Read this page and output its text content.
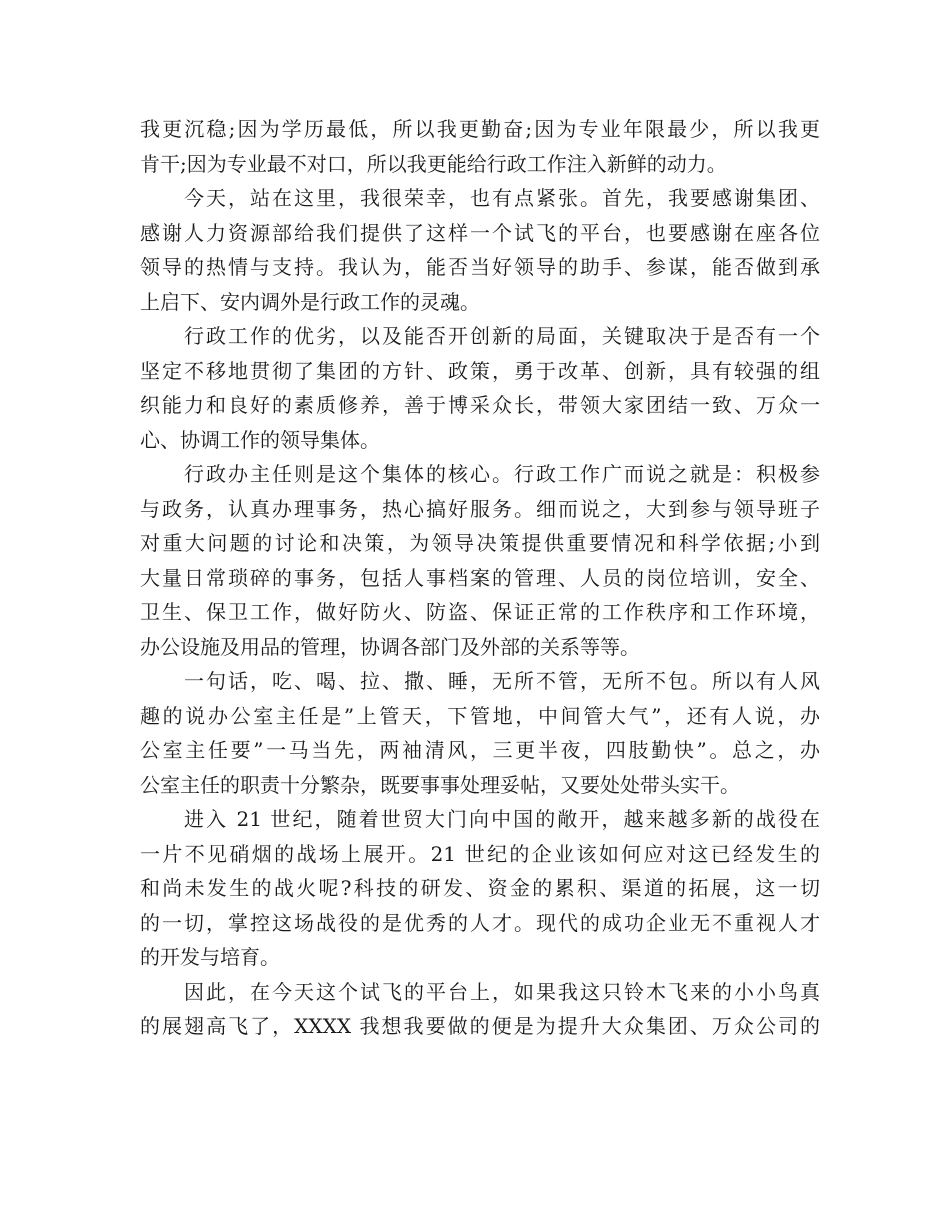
我更沉稳;因为学历最低，所以我更勤奋;因为专业年限最少，所以我更
肯干;因为专业最不对口，所以我更能给行政工作注入新鲜的动力。
今天，站在这里，我很荣幸，也有点紧张。首先，我要感谢集团、
感谢人力资源部给我们提供了这样一个试飞的平台，也要感谢在座各位
领导的热情与支持。我认为，能否当好领导的助手、参谋，能否做到承
上启下、安内调外是行政工作的灵魂。
行政工作的优劣，以及能否开创新的局面，关键取决于是否有一个
坚定不移地贯彻了集团的方针、政策，勇于改革、创新，具有较强的组
织能力和良好的素质修养，善于博采众长，带领大家团结一致、万众一
心、协调工作的领导集体。
行政办主任则是这个集体的核心。行政工作广而说之就是：积极参
与政务，认真办理事务，热心搞好服务。细而说之，大到参与领导班子
对重大问题的讨论和决策，为领导决策提供重要情况和科学依据;小到
大量日常琐碎的事务，包括人事档案的管理、人员的岗位培训，安全、
卫生、保卫工作，做好防火、防盗、保证正常的工作秩序和工作环境，
办公设施及用品的管理，协调各部门及外部的关系等等。
一句话，吃、喝、拉、撒、睡，无所不管，无所不包。所以有人风
趣的说办公室主任是”上管天，下管地，中间管大气”，还有人说，办
公室主任要”一马当先，两袖清风，三更半夜，四肢勤快”。总之，办
公室主任的职责十分繁杂，既要事事处理妥帖，又要处处带头实干。
进入 21 世纪，随着世贸大门向中国的敞开，越来越多新的战役在
一片不见硝烟的战场上展开。21 世纪的企业该如何应对这已经发生的
和尚未发生的战火呢?科技的研发、资金的累积、渠道的拓展，这一切
的一切，掌控这场战役的是优秀的人才。现代的成功企业无不重视人才
的开发与培育。
因此，在今天这个试飞的平台上，如果我这只铃木飞来的小小鸟真
的展翅高飞了，XXXX 我想我要做的便是为提升大众集团、万众公司的
